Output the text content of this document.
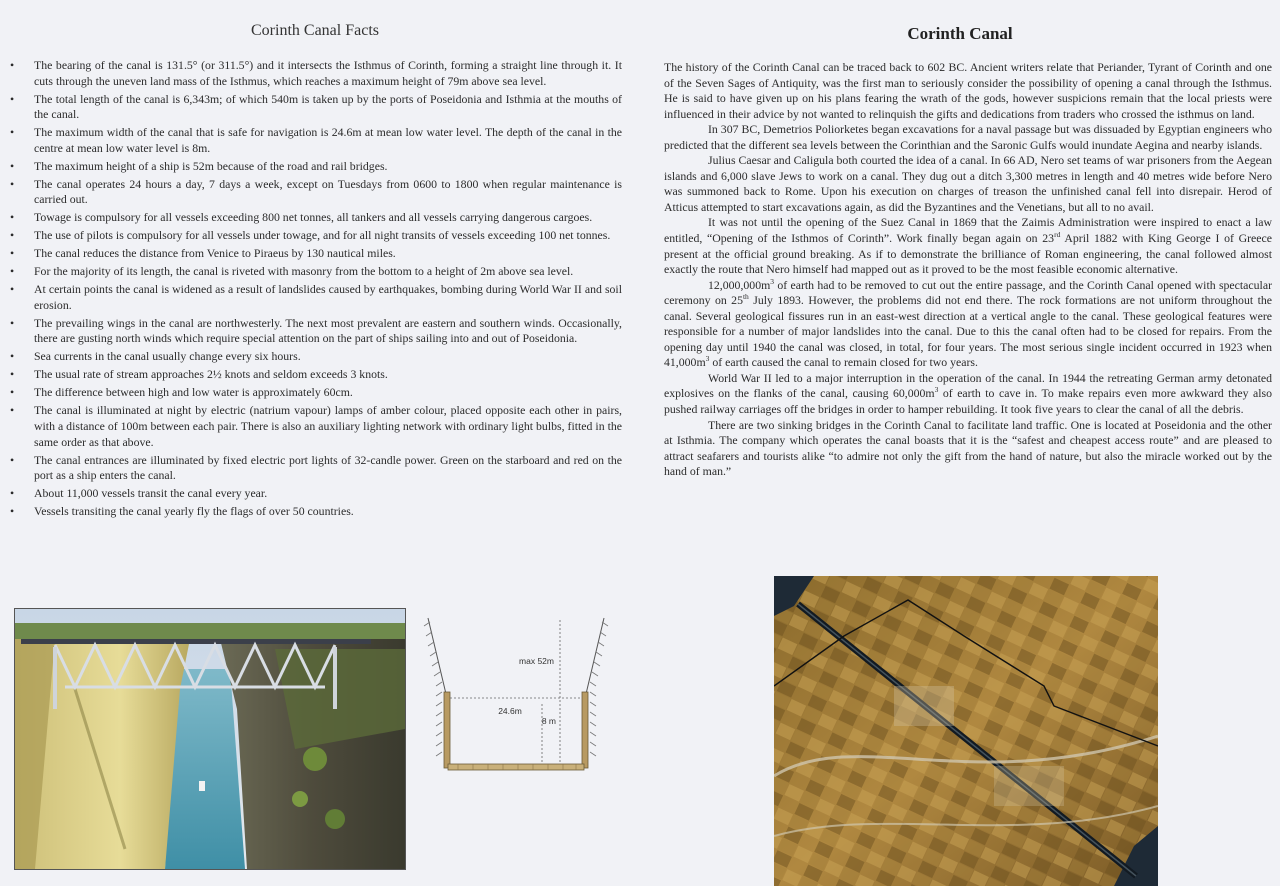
Corinth Canal Facts
• The bearing of the canal is 131.5° (or 311.5°) and it intersects the Isthmus of Corinth, forming a straight line through it. It cuts through the uneven land mass of the Isthmus, which reaches a maximum height of 79m above sea level.
• The total length of the canal is 6,343m; of which 540m is taken up by the ports of Poseidonia and Isthmia at the mouths of the canal.
• The maximum width of the canal that is safe for navigation is 24.6m at mean low water level. The depth of the canal in the centre at mean low water level is 8m.
• The maximum height of a ship is 52m because of the road and rail bridges.
• The canal operates 24 hours a day, 7 days a week, except on Tuesdays from 0600 to 1800 when regular maintenance is carried out.
• Towage is compulsory for all vessels exceeding 800 net tonnes, all tankers and all vessels carrying dangerous cargoes.
• The use of pilots is compulsory for all vessels under towage, and for all night transits of vessels exceeding 100 net tonnes.
• The canal reduces the distance from Venice to Piraeus by 130 nautical miles.
• For the majority of its length, the canal is riveted with masonry from the bottom to a height of 2m above sea level.
• At certain points the canal is widened as a result of landslides caused by earthquakes, bombing during World War II and soil erosion.
• The prevailing wings in the canal are northwesterly. The next most prevalent are eastern and southern winds. Occasionally, there are gusting north winds which require special attention on the part of ships sailing into and out of Poseidonia.
• Sea currents in the canal usually change every six hours.
• The usual rate of stream approaches 2½ knots and seldom exceeds 3 knots.
• The difference between high and low water is approximately 60cm.
• The canal is illuminated at night by electric (natrium vapour) lamps of amber colour, placed opposite each other in pairs, with a distance of 100m between each pair. There is also an auxiliary lighting network with ordinary light bulbs, fitted in the same order as that above.
• The canal entrances are illuminated by fixed electric port lights of 32-candle power. Green on the starboard and red on the port as a ship enters the canal.
• About 11,000 vessels transit the canal every year.
• Vessels transiting the canal yearly fly the flags of over 50 countries.
max 52m
24.6m
8 m
Corinth Canal

The history of the Corinth Canal can be traced back to 602 BC. Ancient writers relate that Periander, Tyrant of Corinth and one of the Seven Sages of Antiquity, was the first man to seriously consider the possibility of opening a canal through the Isthmus. He is said to have given up on his plans fearing the wrath of the gods, however suspicions remain that the local priests were influenced in their advice by not wanted to relinquish the gifts and dedications from traders who crossed the isthmus on land.

In 307 BC, Demetrios Poliorketes began excavations for a naval passage but was dissuaded by Egyptian engineers who predicted that the different sea levels between the Corinthian and the Saronic Gulfs would inundate Aegina and nearby islands.

Julius Caesar and Caligula both courted the idea of a canal. In 66 AD, Nero set teams of war prisoners from the Aegean islands and 6,000 slave Jews to work on a canal. They dug out a ditch 3,300 metres in length and 40 metres wide before Nero was summoned back to Rome. Upon his execution on charges of treason the unfinished canal fell into disrepair. Herod of Atticus attempted to start excavations again, as did the Byzantines and the Venetians, but all to no avail.

It was not until the opening of the Suez Canal in 1869 that the Zaimis Administration were inspired to enact a law entitled, “Opening of the Isthmos of Corinth”. Work finally began again on 23rd April 1882 with King George I of Greece present at the official ground breaking. As if to demonstrate the brilliance of Roman engineering, the canal followed almost exactly the route that Nero himself had mapped out as it proved to be the most feasible economic alternative.

$12,000,000m^3$ of earth had to be removed to cut out the entire passage, and the Corinth Canal opened with spectacular ceremony on 25th July 1893. However, the problems did not end there. The rock formations are not uniform throughout the canal. Several geological fissures run in an east-west direction at a vertical angle to the canal. These geological features were responsible for a number of major landslides into the canal. Due to this the canal often had to be closed for repairs. From the opening day until 1940 the canal was closed, in total, for four years. The most serious single incident occurred in 1923 when $41,000m^3$ of earth caused the canal to remain closed for two years.

World War II led to a major interruption in the operation of the canal. In 1944 the retreating German army detonated explosives on the flanks of the canal, causing $60,000m^3$ of earth to cave in. To make repairs even more awkward they also pushed railway carriages off the bridges in order to hamper rebuilding. It took five years to clear the canal of all the debris.

There are two sinking bridges in the Corinth Canal to facilitate land traffic. One is located at Poseidonia and the other at Isthmia. The company which operates the canal boasts that it is the “safest and cheapest access route” and are pleased to attract seafarers and tourists alike “to admire not only the gift from the hand of nature, but also the miracle worked out by the hand of man.”
